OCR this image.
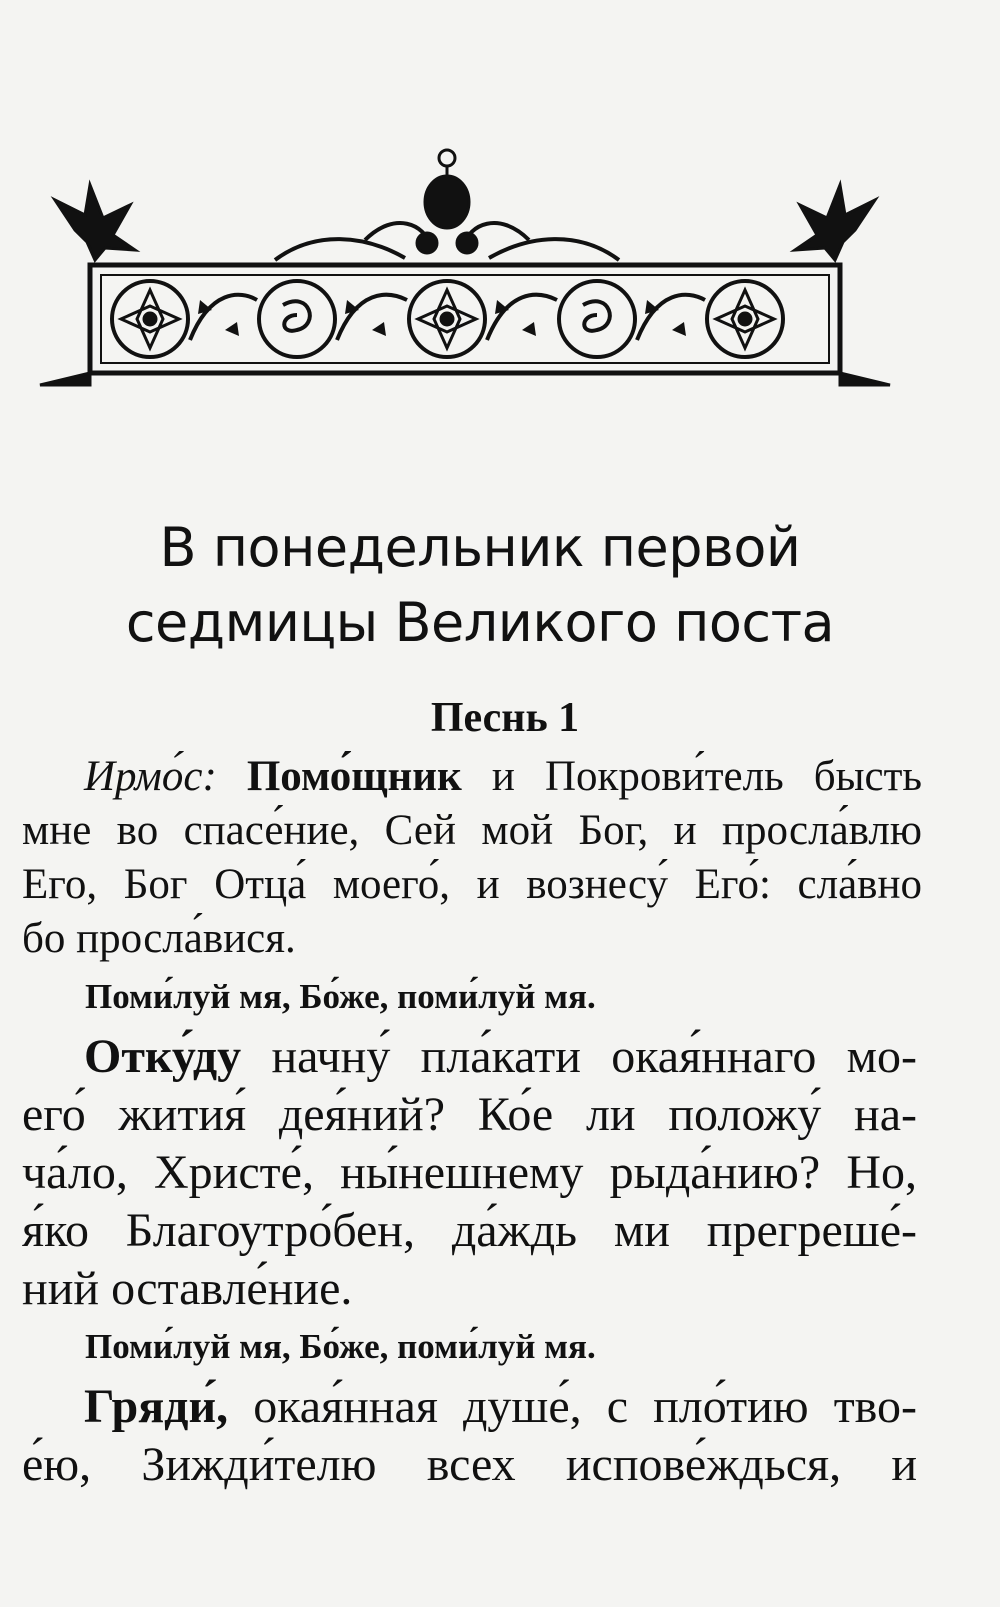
В понедельник первой
седмицы Великого поста
Песнь 1
Ирмо́с: Помо́щник и Покрови́тель бысть
мне во спасе́ние, Сей мой Бог, и просла́влю
Его, Бог Отца́ моего́, и вознесу́ Его́: сла́вно
бо просла́вися.
Поми́луй мя, Бо́же, поми́луй мя.
Отку́ду начну́ пла́кати окая́ннаго мо-
его́ жития́ дея́ний? Ко́е ли положу́ на-
ча́ло, Христе́, ны́нешнему рыда́нию? Но,
я́ко Благоутро́бен, да́ждь ми прегреше́-
ний оставле́ние.
Поми́луй мя, Бо́же, поми́луй мя.
Гряди́, окая́нная душе́, с пло́тию тво-
е́ю, Зижди́телю всех испове́ждься, и
